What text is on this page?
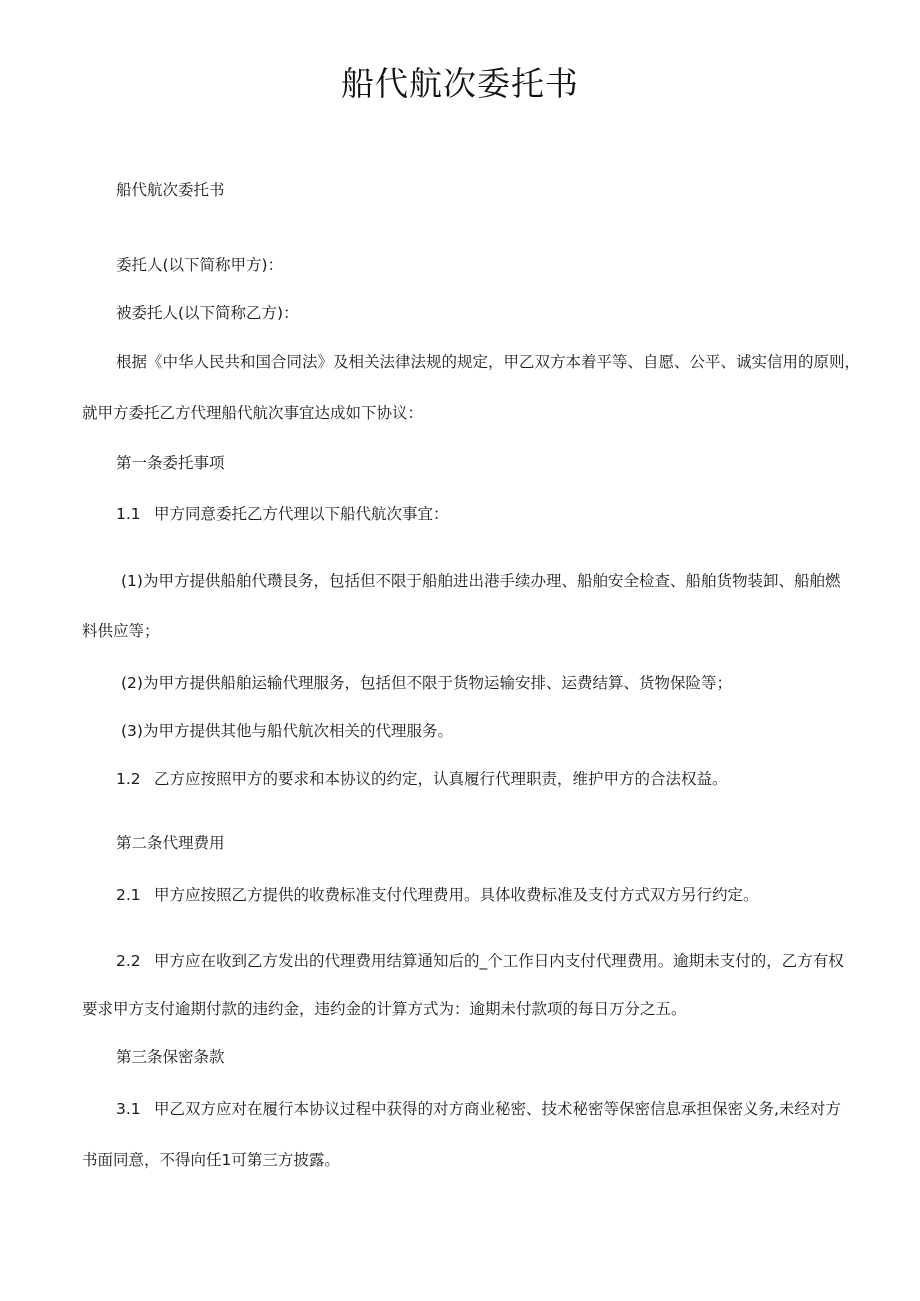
船代航次委托书
船代航次委托书
委托人(以下简称甲方)：
被委托人(以下简称乙方)：
根据《中华人民共和国合同法》及相关法律法规的规定，甲乙双方本着平等、自愿、公平、诚实信用的原则，
就甲方委托乙方代理船代航次事宜达成如下协议：
第一条委托事项
1.1 甲方同意委托乙方代理以下船代航次事宜：
(1)为甲方提供船舶代瓒艮务，包括但不限于船舶进出港手续办理、船舶安全检查、船舶货物装卸、船舶燃
料供应等；
(2)为甲方提供船舶运输代理服务，包括但不限于货物运输安排、运费结算、货物保险等；
(3)为甲方提供其他与船代航次相关的代理服务。
1.2 乙方应按照甲方的要求和本协议的约定，认真履行代理职责，维护甲方的合法权益。
第二条代理费用
2.1 甲方应按照乙方提供的收费标准支付代理费用。具体收费标准及支付方式双方另行约定。
2.2 甲方应在收到乙方发出的代理费用结算通知后的_个工作日内支付代理费用。逾期未支付的，乙方有权
要求甲方支付逾期付款的违约金，违约金的计算方式为：逾期未付款项的每日万分之五。
第三条保密条款
3.1 甲乙双方应对在履行本协议过程中获得的对方商业秘密、技术秘密等保密信息承担保密义务,未经对方
书面同意，不得向任1可第三方披露。
